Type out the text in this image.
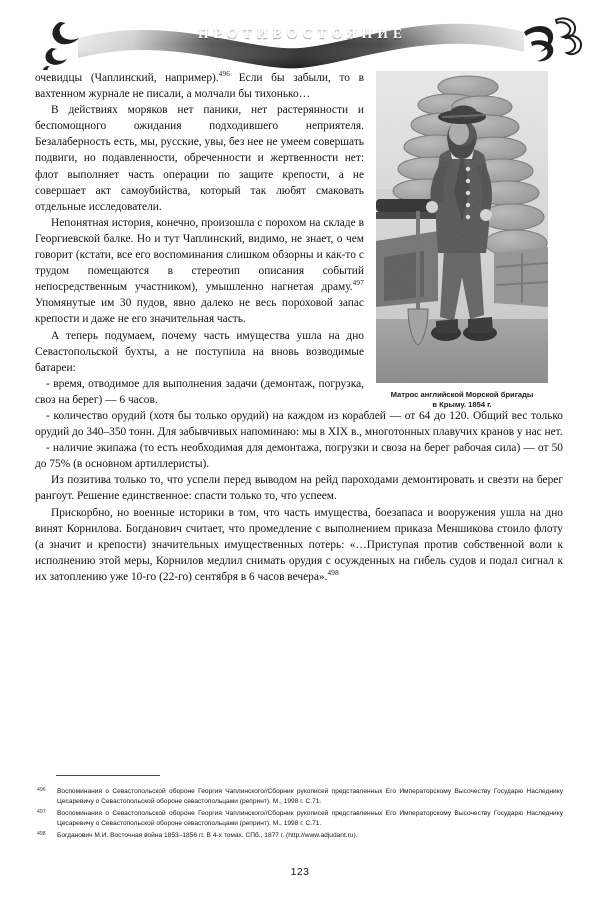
ПРОТИВОСТОЯНИЕ
Матрос английской Морской бригады
в Крыму. 1854 г.

очевидцы (Чаплинский, например).$^{496}$ Если бы забыли, то в вахтенном журнале не писали, а молчали бы тихонько…

В действиях моряков нет паники, нет растерянности и беспомощного ожидания подходившего неприятеля. Безалаберность есть, мы, русские, увы, без нее не умеем совершать подвиги, но подавленности, обреченности и жертвенности нет: флот выполняет часть операции по защите крепости, а не совершает акт самоубийства, который так любят смаковать отдельные исследователи.

Непонятная история, конечно, произошла с порохом на складе в Георгиевской балке. Но и тут Чаплинский, видимо, не знает, о чем говорит (кстати, все его воспоминания слишком обзорны и как-то с трудом помещаются в стереотип описания событий непосредственным участником), умышленно нагнетая драму.$^{497}$ Упомянутые им 30 пудов, явно далеко не весь пороховой запас крепости и даже не его значительная часть.

А теперь подумаем, почему часть имущества ушла на дно Севастопольской бухты, а не поступила на вновь возводимые батареи:

- время, отводимое для выполнения задачи (демонтаж, погрузка, своз на берег) — 6 часов.

- количество орудий (хотя бы только орудий) на каждом из кораблей — от 64 до 120. Общий вес только орудий до 340–350 тонн. Для забывчивых напоминаю: мы в XIX в., многотонных плавучих кранов у нас нет.

- наличие экипажа (то есть необходимая для демонтажа, погрузки и своза на берег рабочая сила) — от 50 до 75% (в основном артиллеристы).

Из позитива только то, что успели перед выводом на рейд пароходами демонтировать и свезти на берег рангоут. Решение единственное: спасти только то, что успеем.

Прискорбно, но военные историки в том, что часть имущества, боезапаса и вооружения ушла на дно винят Корнилова. Богданович считает, что промедление с выполнением приказа Меншикова стоило флоту (а значит и крепости) значительных имущественных потерь: «…Приступая против собственной воли к исполнению этой меры, Корнилов медлил снимать орудия с осужденных на гибель судов и подал сигнал к их затоплению уже 10-го (22-го) сентября в 6 часов вечера».$^{498}$

496 Воспоминания о Севастопольской обороне Георгия Чаплинского//Сборник рукописей представленных Его Императорскому Высочеству Государю Наследнику Цесаревичу о Севастопольской обороне севастопольцами (репринт). М., 1998 г. С.71.
497 Воспоминания о Севастопольской обороне Георгия Чаплинского//Сборник рукописей представленных Его Императорскому Высочеству Государю Наследнику Цесаревичу о Севастопольской обороне севастопольцами (репринт). М., 1998 г. С.71.
498 Богданович М.И. Восточная война 1853–1856 гг. В 4-х томах. СПб., 1877 г. (http://www.adjudant.ru).
123
